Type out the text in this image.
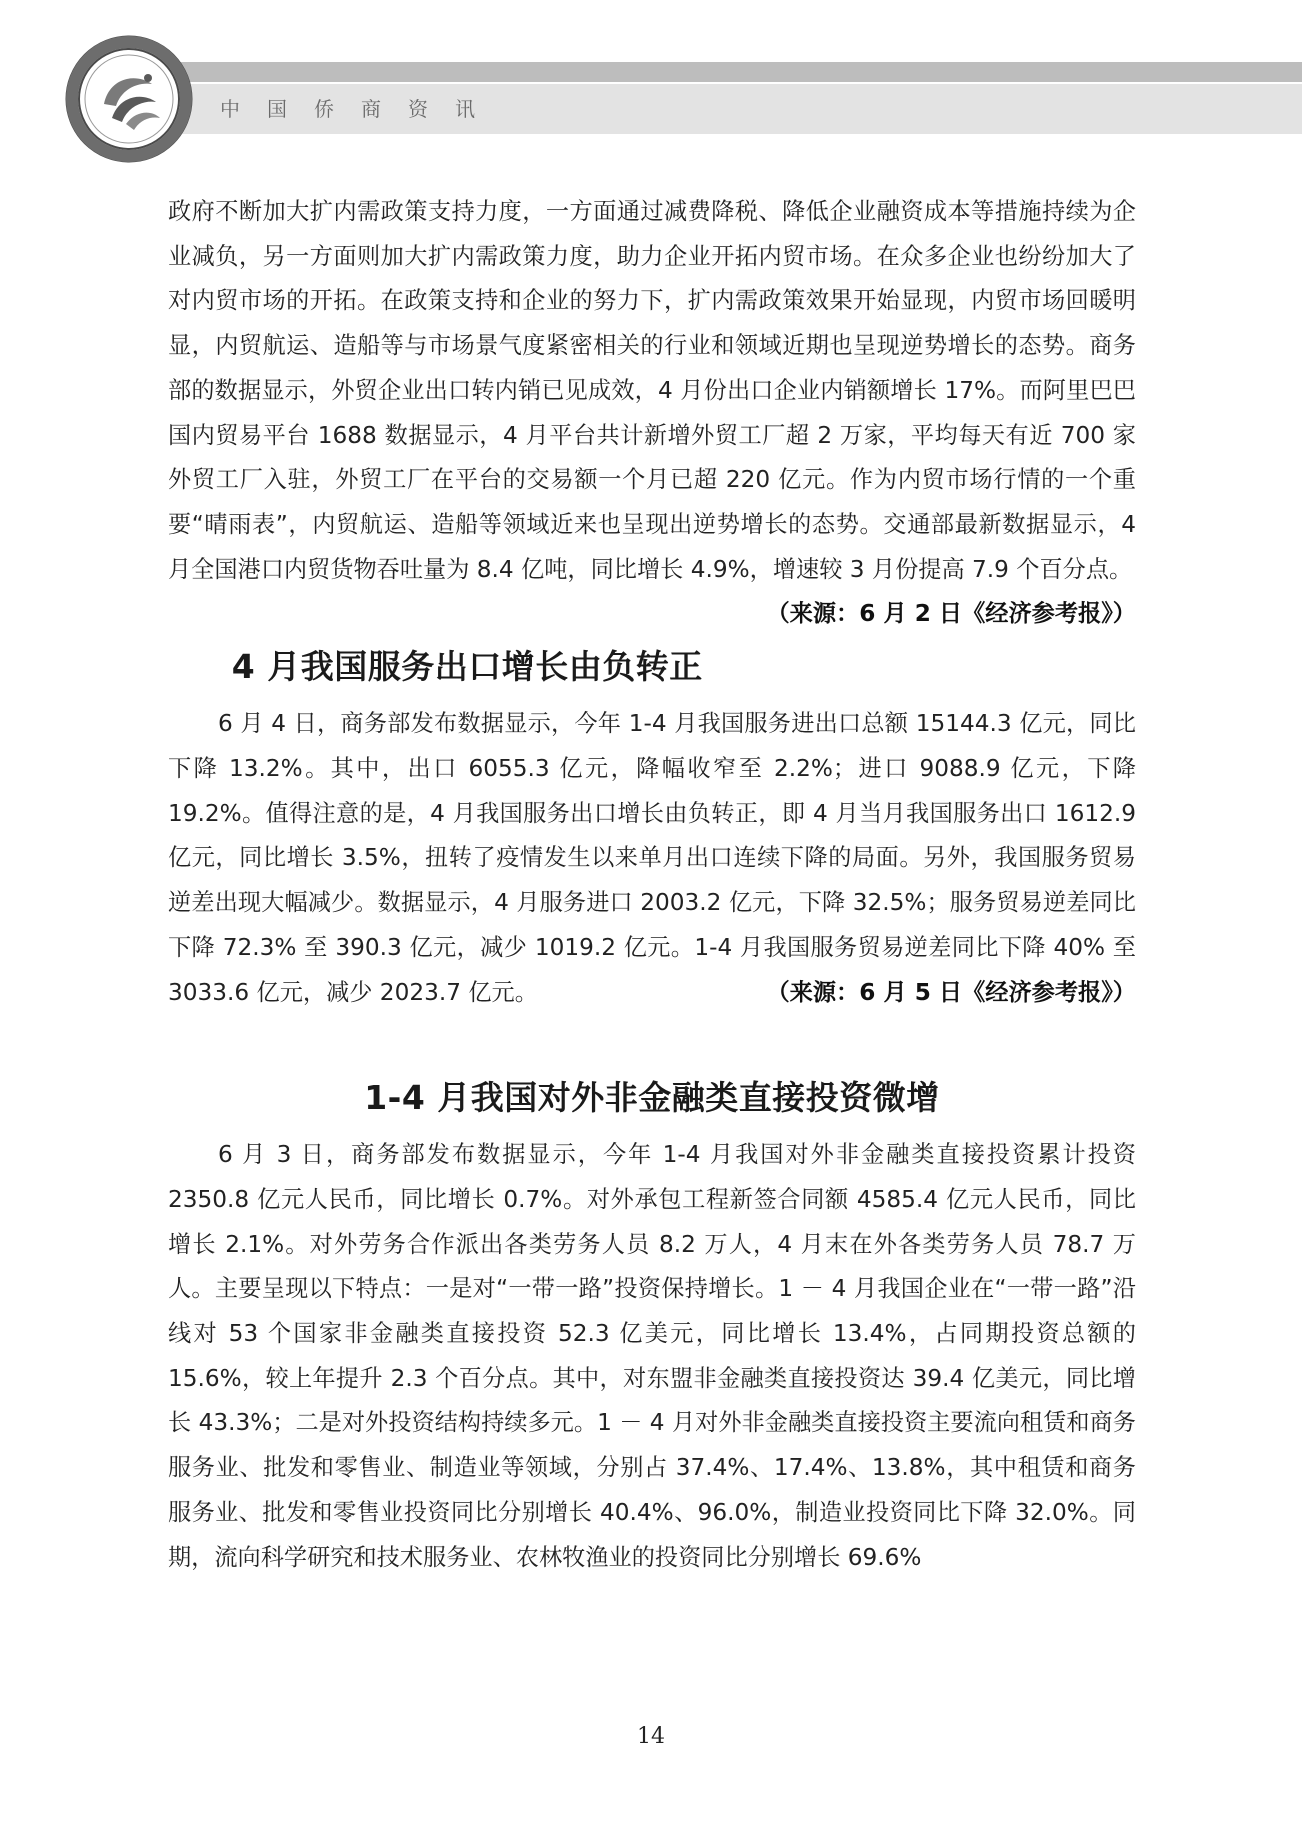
中国侨商资讯

政府不断加大扩内需政策支持力度，一方面通过减费降税、降低企业融资成本等措施持续为企业减负，另一方面则加大扩内需政策力度，助力企业开拓内贸市场。在众多企业也纷纷加大了对内贸市场的开拓。在政策支持和企业的努力下，扩内需政策效果开始显现，内贸市场回暖明显，内贸航运、造船等与市场景气度紧密相关的行业和领域近期也呈现逆势增长的态势。商务部的数据显示，外贸企业出口转内销已见成效，4 月份出口企业内销额增长 17%。而阿里巴巴国内贸易平台 1688 数据显示，4 月平台共计新增外贸工厂超 2 万家，平均每天有近 700 家外贸工厂入驻，外贸工厂在平台的交易额一个月已超 220 亿元。作为内贸市场行情的一个重要“晴雨表”，内贸航运、造船等领域近来也呈现出逆势增长的态势。交通部最新数据显示，4 月全国港口内贸货物吞吐量为 8.4 亿吨，同比增长 4.9%，增速较 3 月份提高 7.9 个百分点。
（来源：6 月 2 日《经济参考报》）

4 月我国服务出口增长由负转正

6 月 4 日，商务部发布数据显示，今年 1-4 月我国服务进出口总额 15144.3 亿元，同比下降 13.2%。其中，出口 6055.3 亿元，降幅收窄至 2.2%；进口 9088.9 亿元，下降 19.2%。值得注意的是，4 月我国服务出口增长由负转正，即 4 月当月我国服务出口 1612.9 亿元，同比增长 3.5%，扭转了疫情发生以来单月出口连续下降的局面。另外，我国服务贸易逆差出现大幅减少。数据显示，4 月服务进口 2003.2 亿元，下降 32.5%；服务贸易逆差同比下降 72.3% 至 390.3 亿元，减少 1019.2 亿元。1-4 月我国服务贸易逆差同比下降 40% 至 3033.6 亿元，减少 2023.7 亿元。	（来源：6 月 5 日《经济参考报》）

1-4 月我国对外非金融类直接投资微增

6 月 3 日，商务部发布数据显示，今年 1-4 月我国对外非金融类直接投资累计投资 2350.8 亿元人民币，同比增长 0.7%。对外承包工程新签合同额 4585.4 亿元人民币，同比增长 2.1%。对外劳务合作派出各类劳务人员 8.2 万人，4 月末在外各类劳务人员 78.7 万人。主要呈现以下特点：一是对“一带一路”投资保持增长。1 － 4 月我国企业在“一带一路”沿线对 53 个国家非金融类直接投资 52.3 亿美元，同比增长 13.4%，占同期投资总额的 15.6%，较上年提升 2.3 个百分点。其中，对东盟非金融类直接投资达 39.4 亿美元，同比增长 43.3%；二是对外投资结构持续多元。1 － 4 月对外非金融类直接投资主要流向租赁和商务服务业、批发和零售业、制造业等领域，分别占 37.4%、17.4%、13.8%，其中租赁和商务服务业、批发和零售业投资同比分别增长 40.4%、96.0%，制造业投资同比下降 32.0%。同期，流向科学研究和技术服务业、农林牧渔业的投资同比分别增长 69.6%

14
